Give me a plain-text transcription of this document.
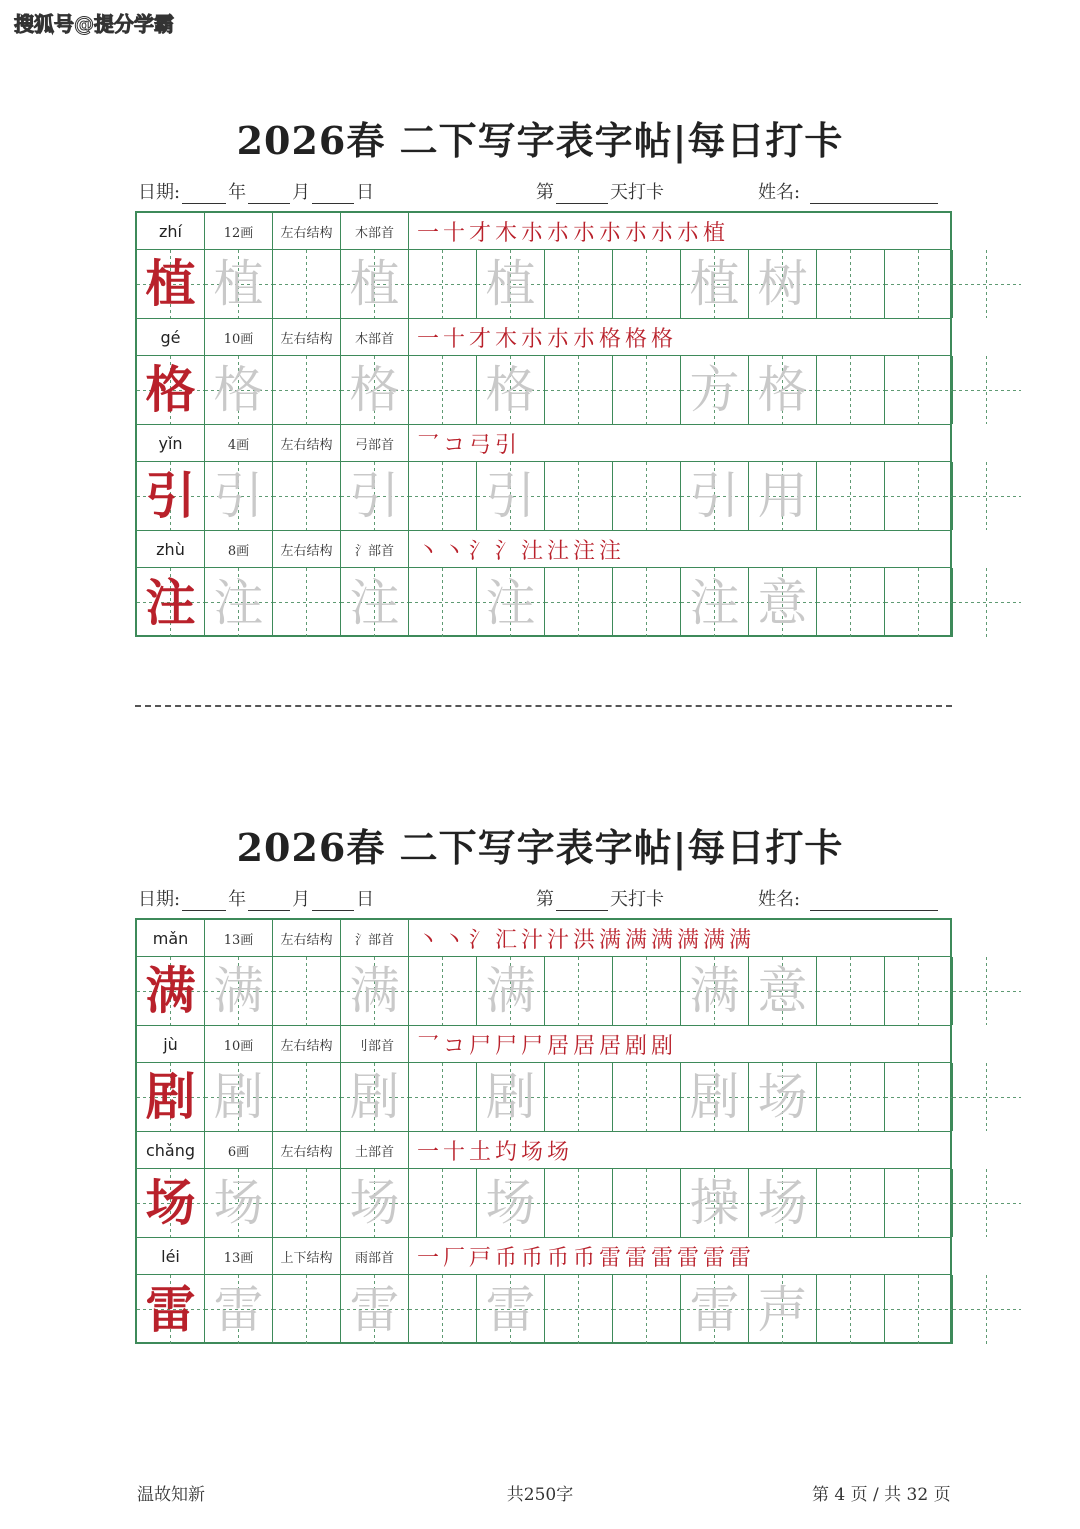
搜狐号@提分学霸
2026春 二下写字表字帖|每日打卡
日期:	年	月	日	第	天打卡	姓名:
zhí	12画	左右结构	木部首	一十才木朩朩朩朩朩朩朩植
植 植 植 植	植 树
gé	10画	左右结构	木部首	一十才木朩朩朩格格格
格 格 格 格	方 格
yǐn	4画	左右结构	弓部首	乛コ弓引
引 引 引 引	引 用
zhù	8画	左右结构	氵部首	丶丶氵氵汢汢注注
注 注 注 注	注 意
2026春 二下写字表字帖|每日打卡
日期:	年	月	日	第	天打卡	姓名:
mǎn	13画	左右结构	氵部首	丶丶氵汇汁汁洪满满满满满满
满 满 满 满	满 意
jù	10画	左右结构	刂部首	乛コ尸尸尸居居居剧剧
剧 剧 剧 剧	剧 场
chǎng	6画	左右结构	土部首	一十土圴场场
场 场 场 场	操 场
léi	13画	上下结构	雨部首	一厂戸币币币币雷雷雷雷雷雷
雷 雷 雷 雷	雷 声
温故知新	共250字	第 4 页 / 共 32 页
